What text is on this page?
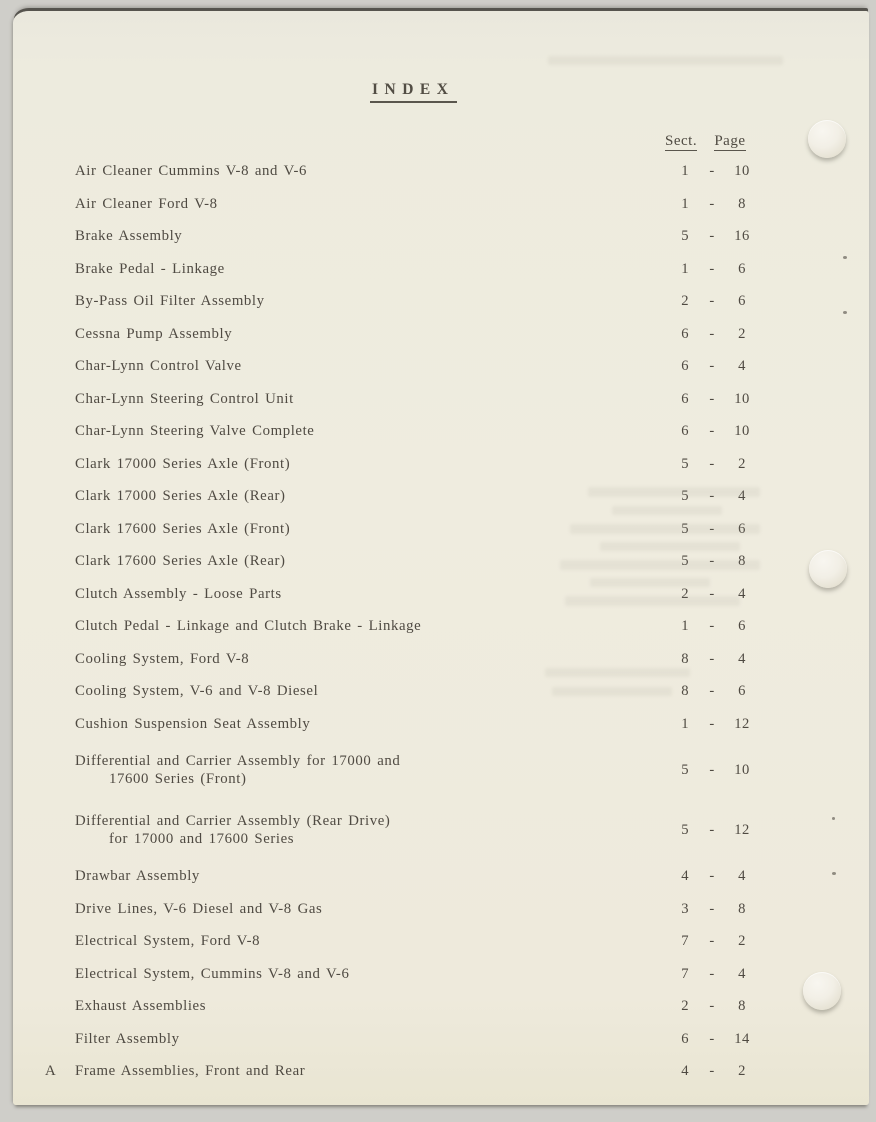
INDEX
Sect. Page
Air Cleaner Cummins V-8 and V-6	1	-	10
Air Cleaner Ford V-8	1	-	8
Brake Assembly	5	-	16
Brake Pedal - Linkage	1	-	6
By-Pass Oil Filter Assembly	2	-	6
Cessna Pump Assembly	6	-	2
Char-Lynn Control Valve	6	-	4
Char-Lynn Steering Control Unit	6	-	10
Char-Lynn Steering Valve Complete	6	-	10
Clark 17000 Series Axle (Front)	5	-	2
Clark 17000 Series Axle (Rear)	5	-	4
Clark 17600 Series Axle (Front)	5	-	6
Clark 17600 Series Axle (Rear)	5	-	8
Clutch Assembly - Loose Parts	2	-	4
Clutch Pedal - Linkage and Clutch Brake - Linkage	1	-	6
Cooling System, Ford V-8	8	-	4
Cooling System, V-6 and V-8 Diesel	8	-	6
Cushion Suspension Seat Assembly	1	-	12
Differential and Carrier Assembly for 17000 and
17600 Series (Front)
5	-	10
Differential and Carrier Assembly (Rear Drive)
for 17000 and 17600 Series
5	-	12
Drawbar Assembly	4	-	4
Drive Lines, V-6 Diesel and V-8 Gas	3	-	8
Electrical System, Ford V-8	7	-	2
Electrical System, Cummins V-8 and V-6	7	-	4
Exhaust Assemblies	2	-	8
Filter Assembly	6	-	14
A Frame Assemblies, Front and Rear	4	-	2
